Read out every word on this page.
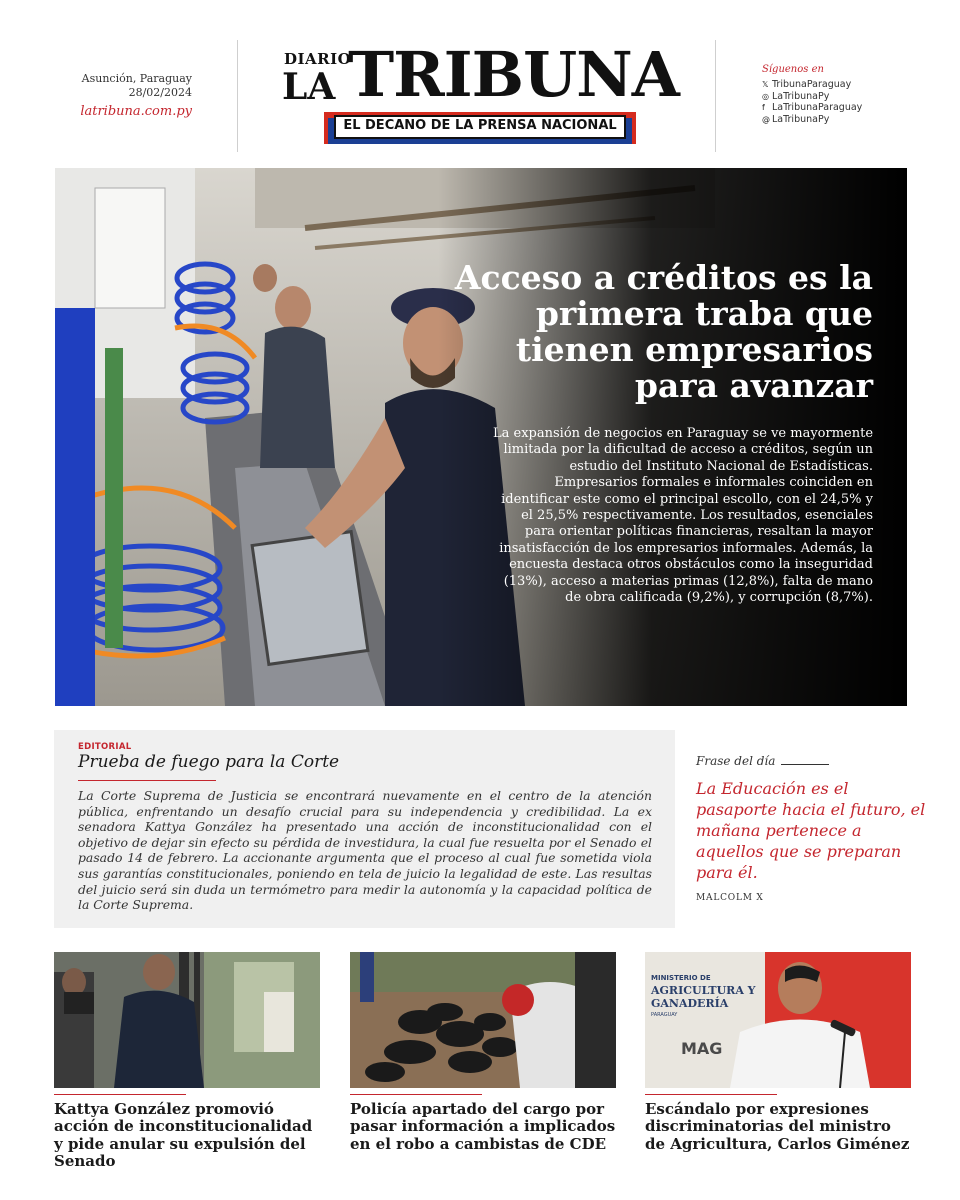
Asunción, Paraguay
28/02/2024
latribuna.com.py
DIARIO
LA TRIBUNA
EL DECANO DE LA PRENSA NACIONAL
Síguenos en
𝕏 TribunaParaguay
◎ LaTribunaPy
f LaTribunaParaguay
@ LaTribunaPy
Acceso a créditos es la primera traba que tienen empresarios para avanzar
La expansión de negocios en Paraguay se ve mayormente limitada por la dificultad de acceso a créditos, según un estudio del Instituto Nacional de Estadísticas. Empresarios formales e informales coinciden en identificar este como el principal escollo, con el 24,5% y el 25,5% respectivamente. Los resultados, esenciales para orientar políticas financieras, resaltan la mayor insatisfacción de los empresarios informales. Además, la encuesta destaca otros obstáculos como la inseguridad (13%), acceso a materias primas (12,8%), falta de mano de obra calificada (9,2%), y corrupción (8,7%).
EDITORIAL
Prueba de fuego para la Corte
La Corte Suprema de Justicia se encontrará nuevamente en el centro de la atención pública, enfrentando un desafío crucial para su independencia y credibilidad. La ex senadora Kattya González ha presentado una acción de inconstitucionalidad con el objetivo de dejar sin efecto su pérdida de investidura, la cual fue resuelta por el Senado el pasado 14 de febrero. La accionante argumenta que el proceso al cual fue sometida viola sus garantías constitucionales, poniendo en tela de juicio la legalidad de este. Las resultas del juicio será sin duda un termómetro para medir la autonomía y la capacidad política de la Corte Suprema.
Frase del día
La Educación es el pasaporte hacia el futuro, el mañana pertenece a aquellos que se preparan para él.
MALCOLM X
Kattya González promovió acción de inconstitucionalidad y pide anular su expulsión del Senado
Policía apartado del cargo por pasar información a implicados en el robo a cambistas de CDE
MINISTERIO DE
AGRICULTURA Y
GANADERÍA
PARAGUAY
MAG
Escándalo por expresiones discriminatorias del ministro de Agricultura, Carlos Giménez
